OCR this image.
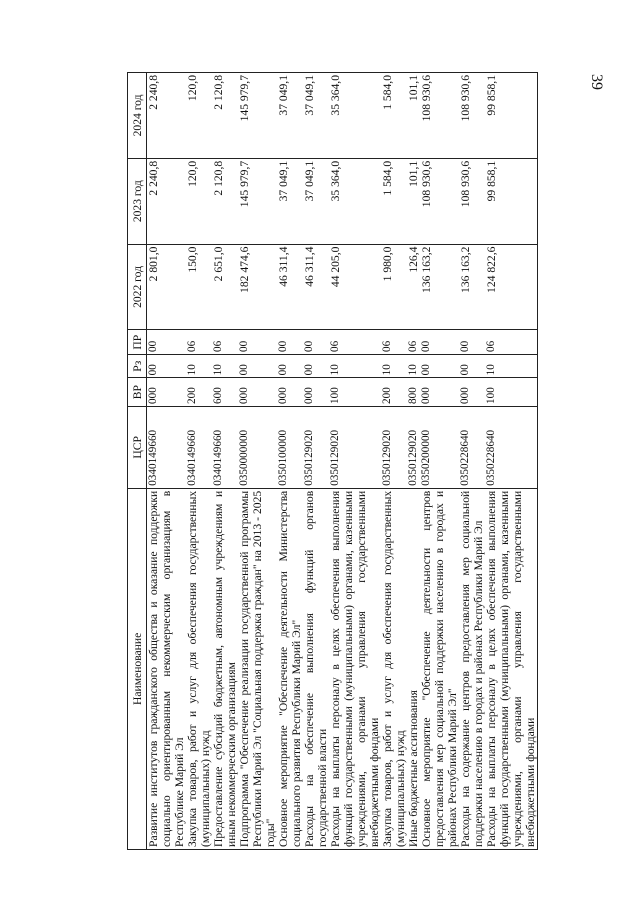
39
Наименование	ЦСР	ВР	Рз	ПР	2022 год	2023 год	2024 год
Развитие институтов гражданского общества и оказание поддержки социально ориентированным некоммерческим организациям в Республике Марий Эл	0340149660	000	00	00	2 801,0	2 240,8	2 240,8
Закупка товаров, работ и услуг для обеспечения государственных (муниципальных) нужд	0340149660	200	10	06	150,0	120,0	120,0
Предоставление субсидий бюджетным, автономным учреждениям и иным некоммерческим организациям	0340149660	600	10	06	2 651,0	2 120,8	2 120,8
Подпрограмма "Обеспечение реализации государственной программы Республики Марий Эл "Социальная поддержка граждан" на 2013 - 2025 годы"	0350000000	000	00	00	182 474,6	145 979,7	145 979,7
Основное мероприятие "Обеспечение деятельности Министерства социального развития Республики Марий Эл"	0350100000	000	00	00	46 311,4	37 049,1	37 049,1
Расходы на обеспечение выполнения функций органов государственной власти	0350129020	000	00	00	46 311,4	37 049,1	37 049,1
Расходы на выплаты персоналу в целях обеспечения выполнения функций государственными (муниципальными) органами, казенными учреждениями, органами управления государственными внебюджетными фондами	0350129020	100	10	06	44 205,0	35 364,0	35 364,0
Закупка товаров, работ и услуг для обеспечения государственных (муниципальных) нужд	0350129020	200	10	06	1 980,0	1 584,0	1 584,0
Иные бюджетные ассигнования	0350129020	800	10	06	126,4	101,1	101,1
Основное мероприятие "Обеспечение деятельности центров предоставления мер социальной поддержки населению в городах и районах Республики Марий Эл"	0350200000	000	00	00	136 163,2	108 930,6	108 930,6
Расходы на содержание центров предоставления мер социальной поддержки населению в городах и районах Республики Марий Эл	0350228640	000	00	00	136 163,2	108 930,6	108 930,6
Расходы на выплаты персоналу в целях обеспечения выполнения функций государственными (муниципальными) органами, казенными учреждениями, органами управления государственными внебюджетными фондами	0350228640	100	10	06	124 822,6	99 858,1	99 858,1
